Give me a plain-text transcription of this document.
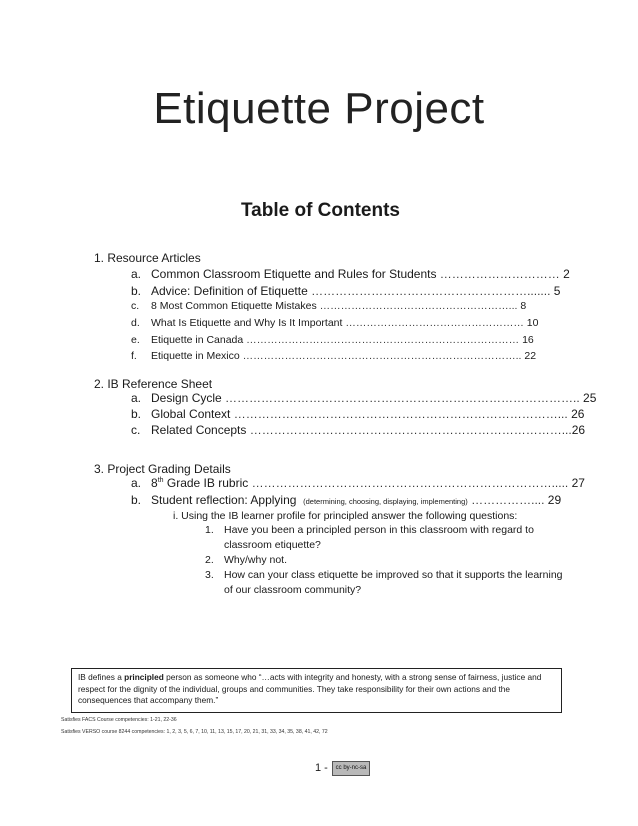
Etiquette Project
Table of Contents
1. Resource Articles
a. Common Classroom Etiquette and Rules for Students ………………………… 2
b. Advice: Definition of Etiquette ………………………………………………....... 5
c. 8 Most Common Etiquette Mistakes ………………………………………………... 8
d. What Is Etiquette and Why Is It Important …………………………………………… 10
e. Etiquette in Canada …………………………………………………………………… 16
f. Etiquette in Mexico …………………………………………………………………….. 22
2. IB Reference Sheet
a. Design Cycle …………………………………………………………………………….. 25
b. Global Context ………………………………………………………………………... 26
c. Related Concepts ……………………………………………………………………...26
3. Project Grading Details
a. 8th Grade IB rubric …………………………………………………………………..... 27
b. Student reflection: Applying (determining, choosing, displaying, implementing) …………….... 29
i. Using the IB learner profile for principled answer the following questions:
1. Have you been a principled person in this classroom with regard to
classroom etiquette?
2. Why/why not.
3. How can your class etiquette be improved so that it supports the learning
of our classroom community?
IB defines a principled person as someone who “…acts with integrity and honesty, with a strong sense of fairness, justice and respect for the dignity of the individual, groups and communities. They take responsibility for their own actions and the consequences that accompany them.”
Satisfies FACS Course competencies: 1-21, 22-36
Satisfies VERSO course 8244 competencies: 1, 2, 3, 5, 6, 7, 10, 11, 13, 15, 17, 20, 21, 31, 33, 34, 35, 38, 41, 42, 72
1 -	cc by-nc-sa
